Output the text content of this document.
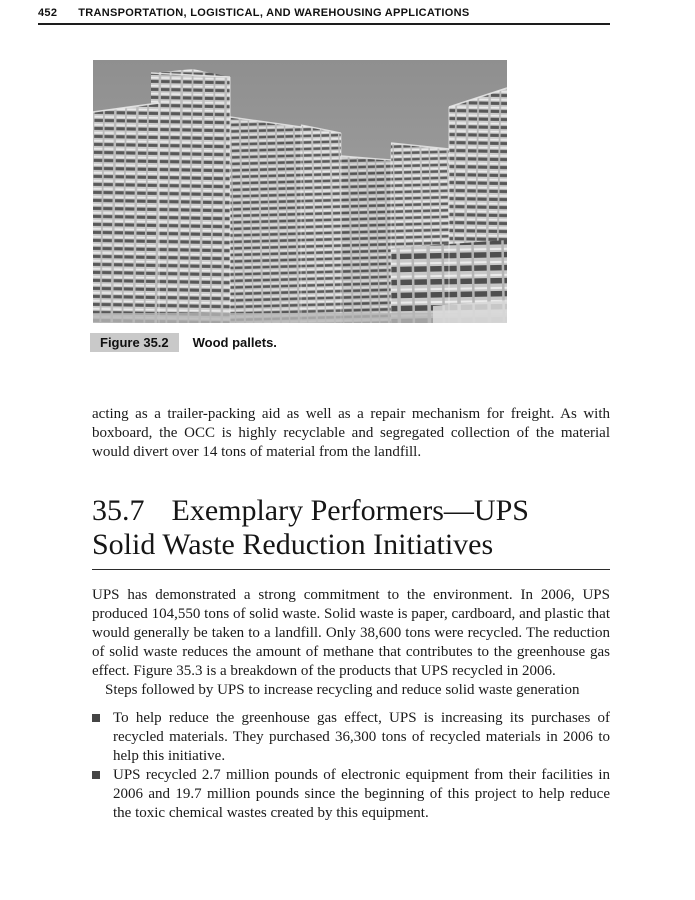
452 TRANSPORTATION, LOGISTICAL, AND WAREHOUSING APPLICATIONS
Figure 35.2	Wood pallets.

acting as a trailer-packing aid as well as a repair mechanism for freight. As with boxboard, the OCC is highly recyclable and segregated collection of the material would divert over 14 tons of material from the landfill.

35.7 Exemplary Performers—UPS
Solid Waste Reduction Initiatives

UPS has demonstrated a strong commitment to the environment. In 2006, UPS produced 104,550 tons of solid waste. Solid waste is paper, cardboard, and plastic that would generally be taken to a landfill. Only 38,600 tons were recycled. The reduction of solid waste reduces the amount of methane that contributes to the greenhouse gas effect. Figure 35.3 is a breakdown of the products that UPS recycled in 2006.

Steps followed by UPS to increase recycling and reduce solid waste generation

To help reduce the greenhouse gas effect, UPS is increasing its purchases of recycled materials. They purchased 36,300 tons of recycled materials in 2006 to help this initiative.
UPS recycled 2.7 million pounds of electronic equipment from their facilities in 2006 and 19.7 million pounds since the beginning of this project to help reduce the toxic chemical wastes created by this equipment.
